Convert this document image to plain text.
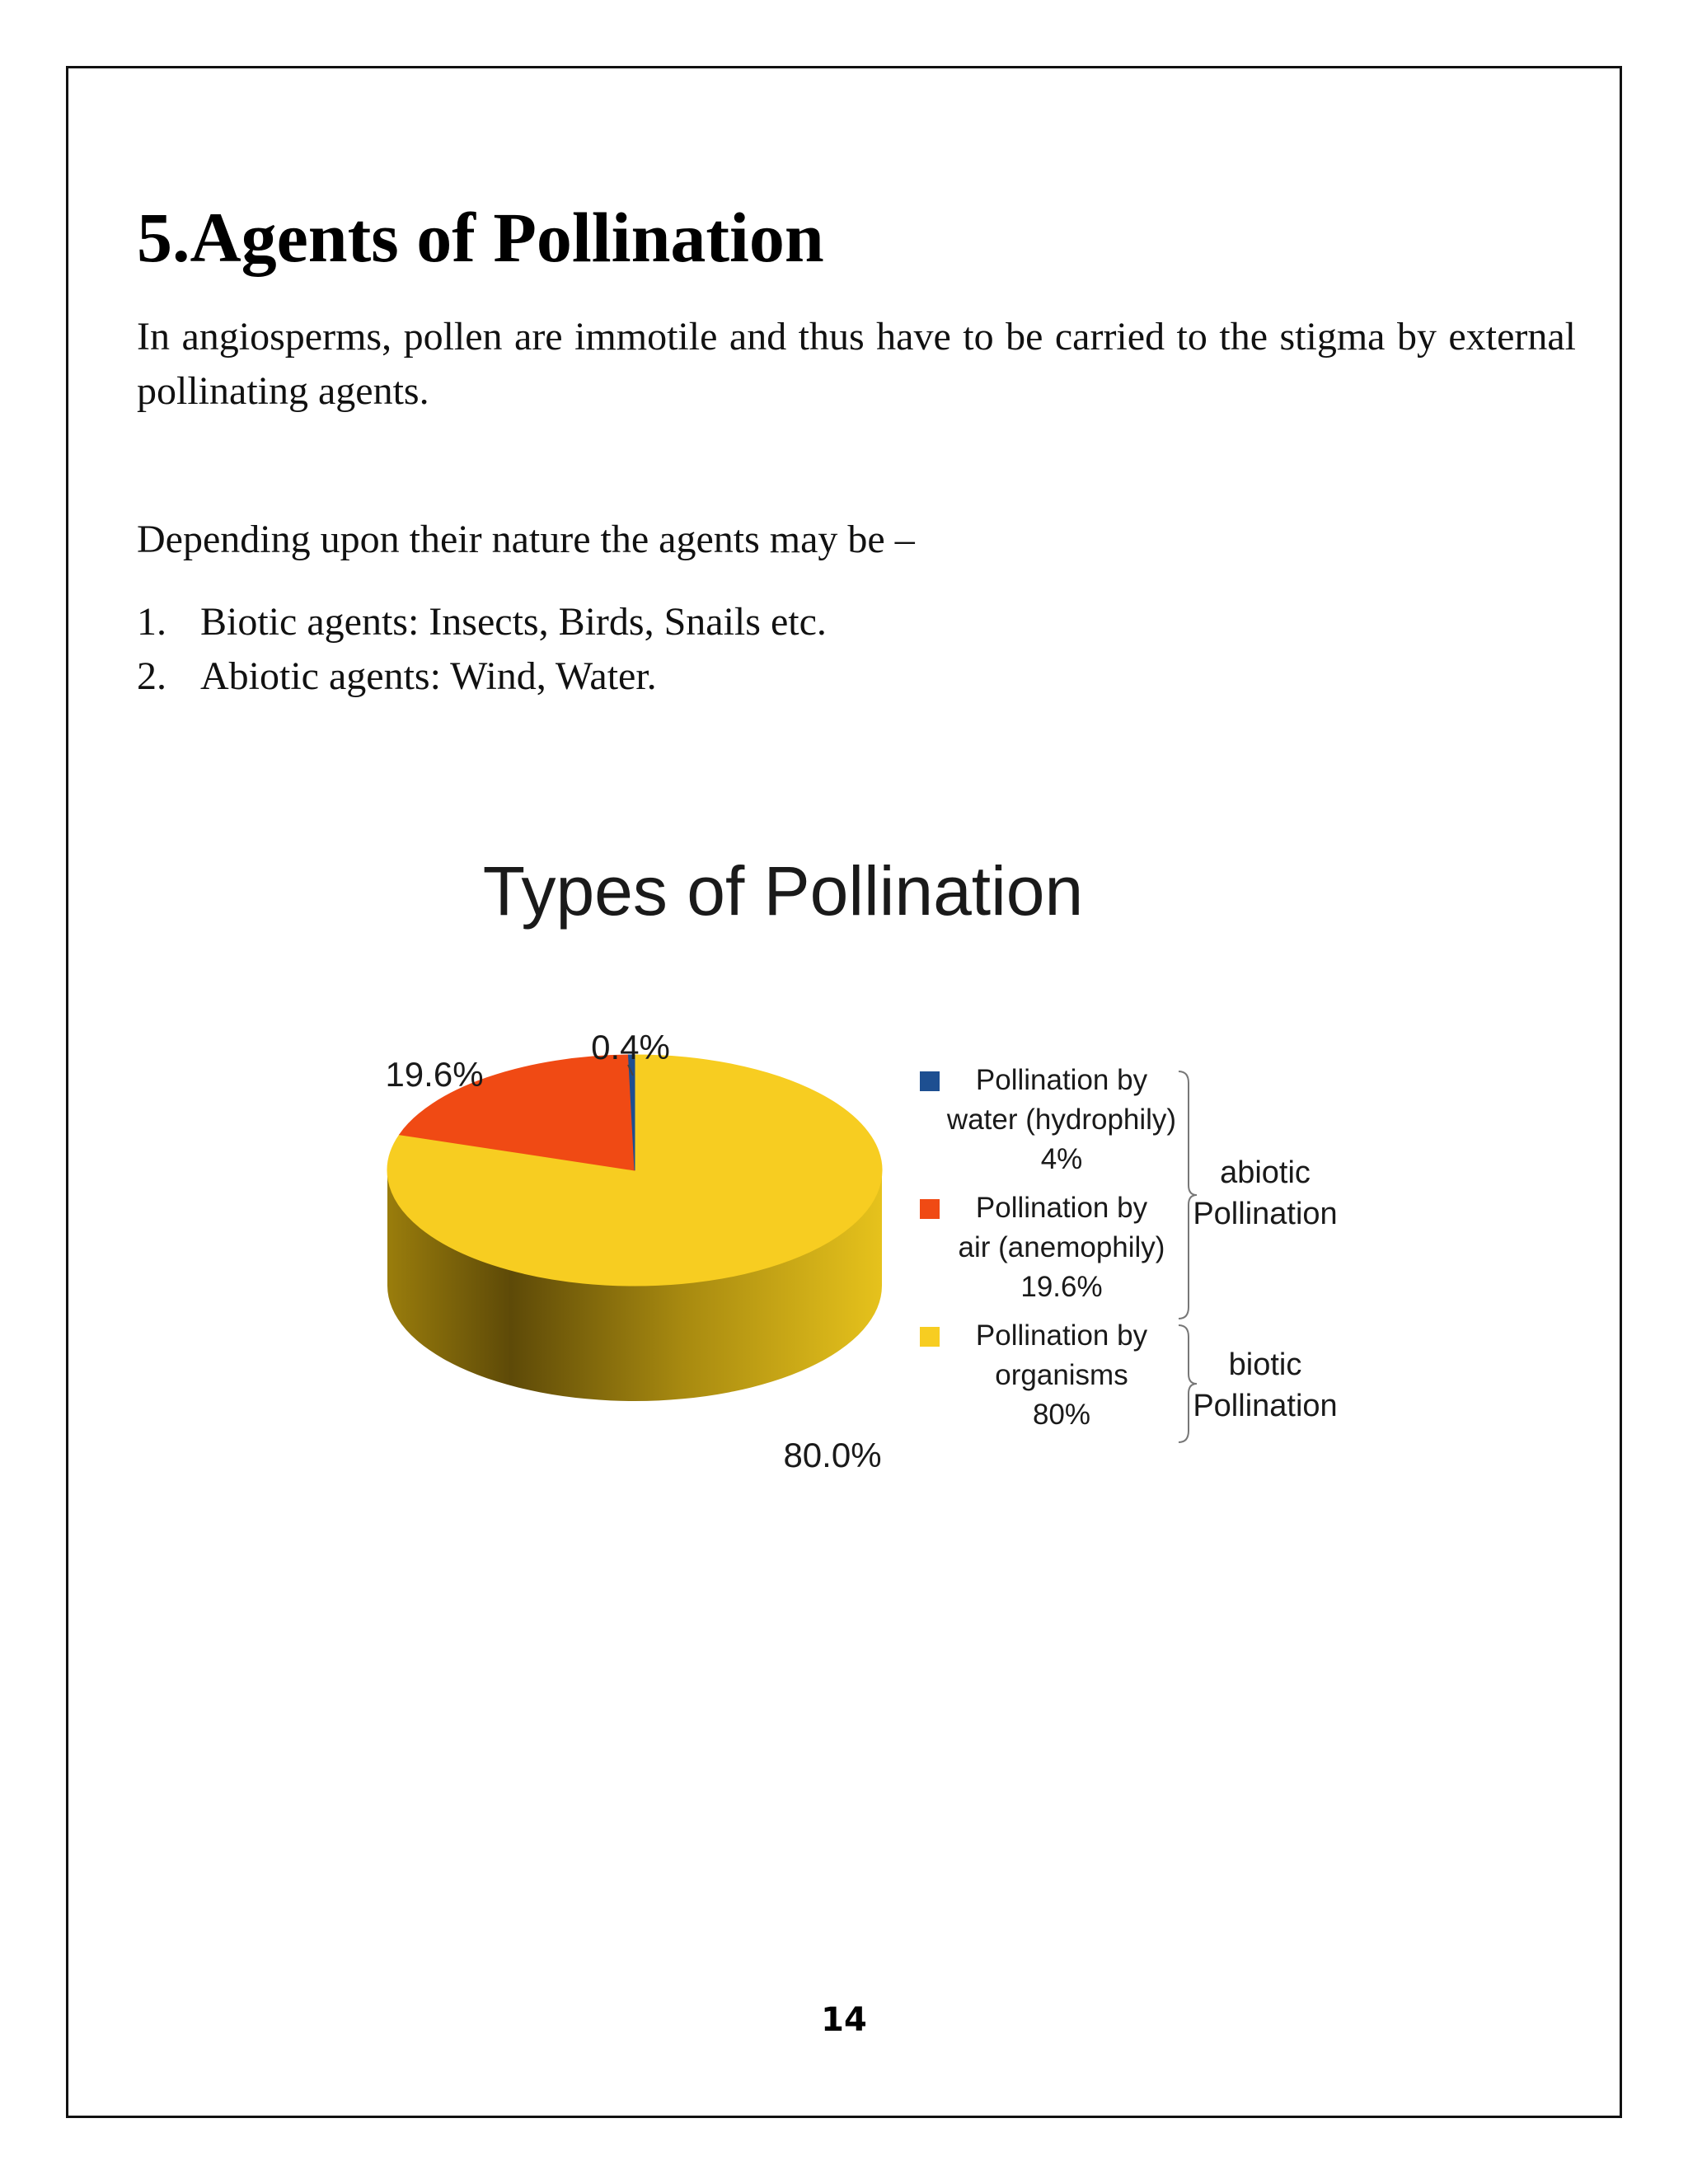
5.Agents of Pollination

In angiosperms, pollen are immotile and thus have to be carried to the stigma by external pollinating agents.

Depending upon their nature the agents may be –

1. Biotic agents: Insects, Birds, Snails etc.
2. Abiotic agents: Wind, Water.
Types of Pollination
0.4%
19.6%
80.0%
Pollination by
water (hydrophily)
4%
Pollination by
air (anemophily)
19.6%
Pollination by
organisms
80%
abiotic
Pollination
biotic
Pollination
14
